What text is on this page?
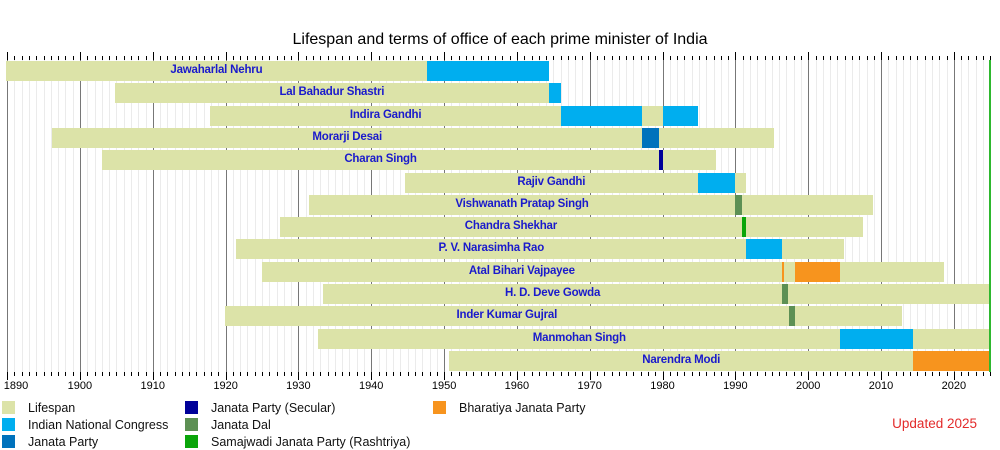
Lifespan and terms of office of each prime minister of India
Jawaharlal Nehru
Lal Bahadur Shastri
Indira Gandhi
Morarji Desai
Charan Singh
Rajiv Gandhi
Vishwanath Pratap Singh
Chandra Shekhar
P. V. Narasimha Rao
Atal Bihari Vajpayee
H. D. Deve Gowda
Inder Kumar Gujral
Manmohan Singh
Narendra Modi
1890	1900	1910	1920	1930	1940	1950	1960	1970	1980	1990	2000	2010	2020
Lifespan
Indian National Congress
Janata Party
Janata Party (Secular)
Janata Dal
Samajwadi Janata Party (Rashtriya)
Bharatiya Janata Party
Updated 2025
